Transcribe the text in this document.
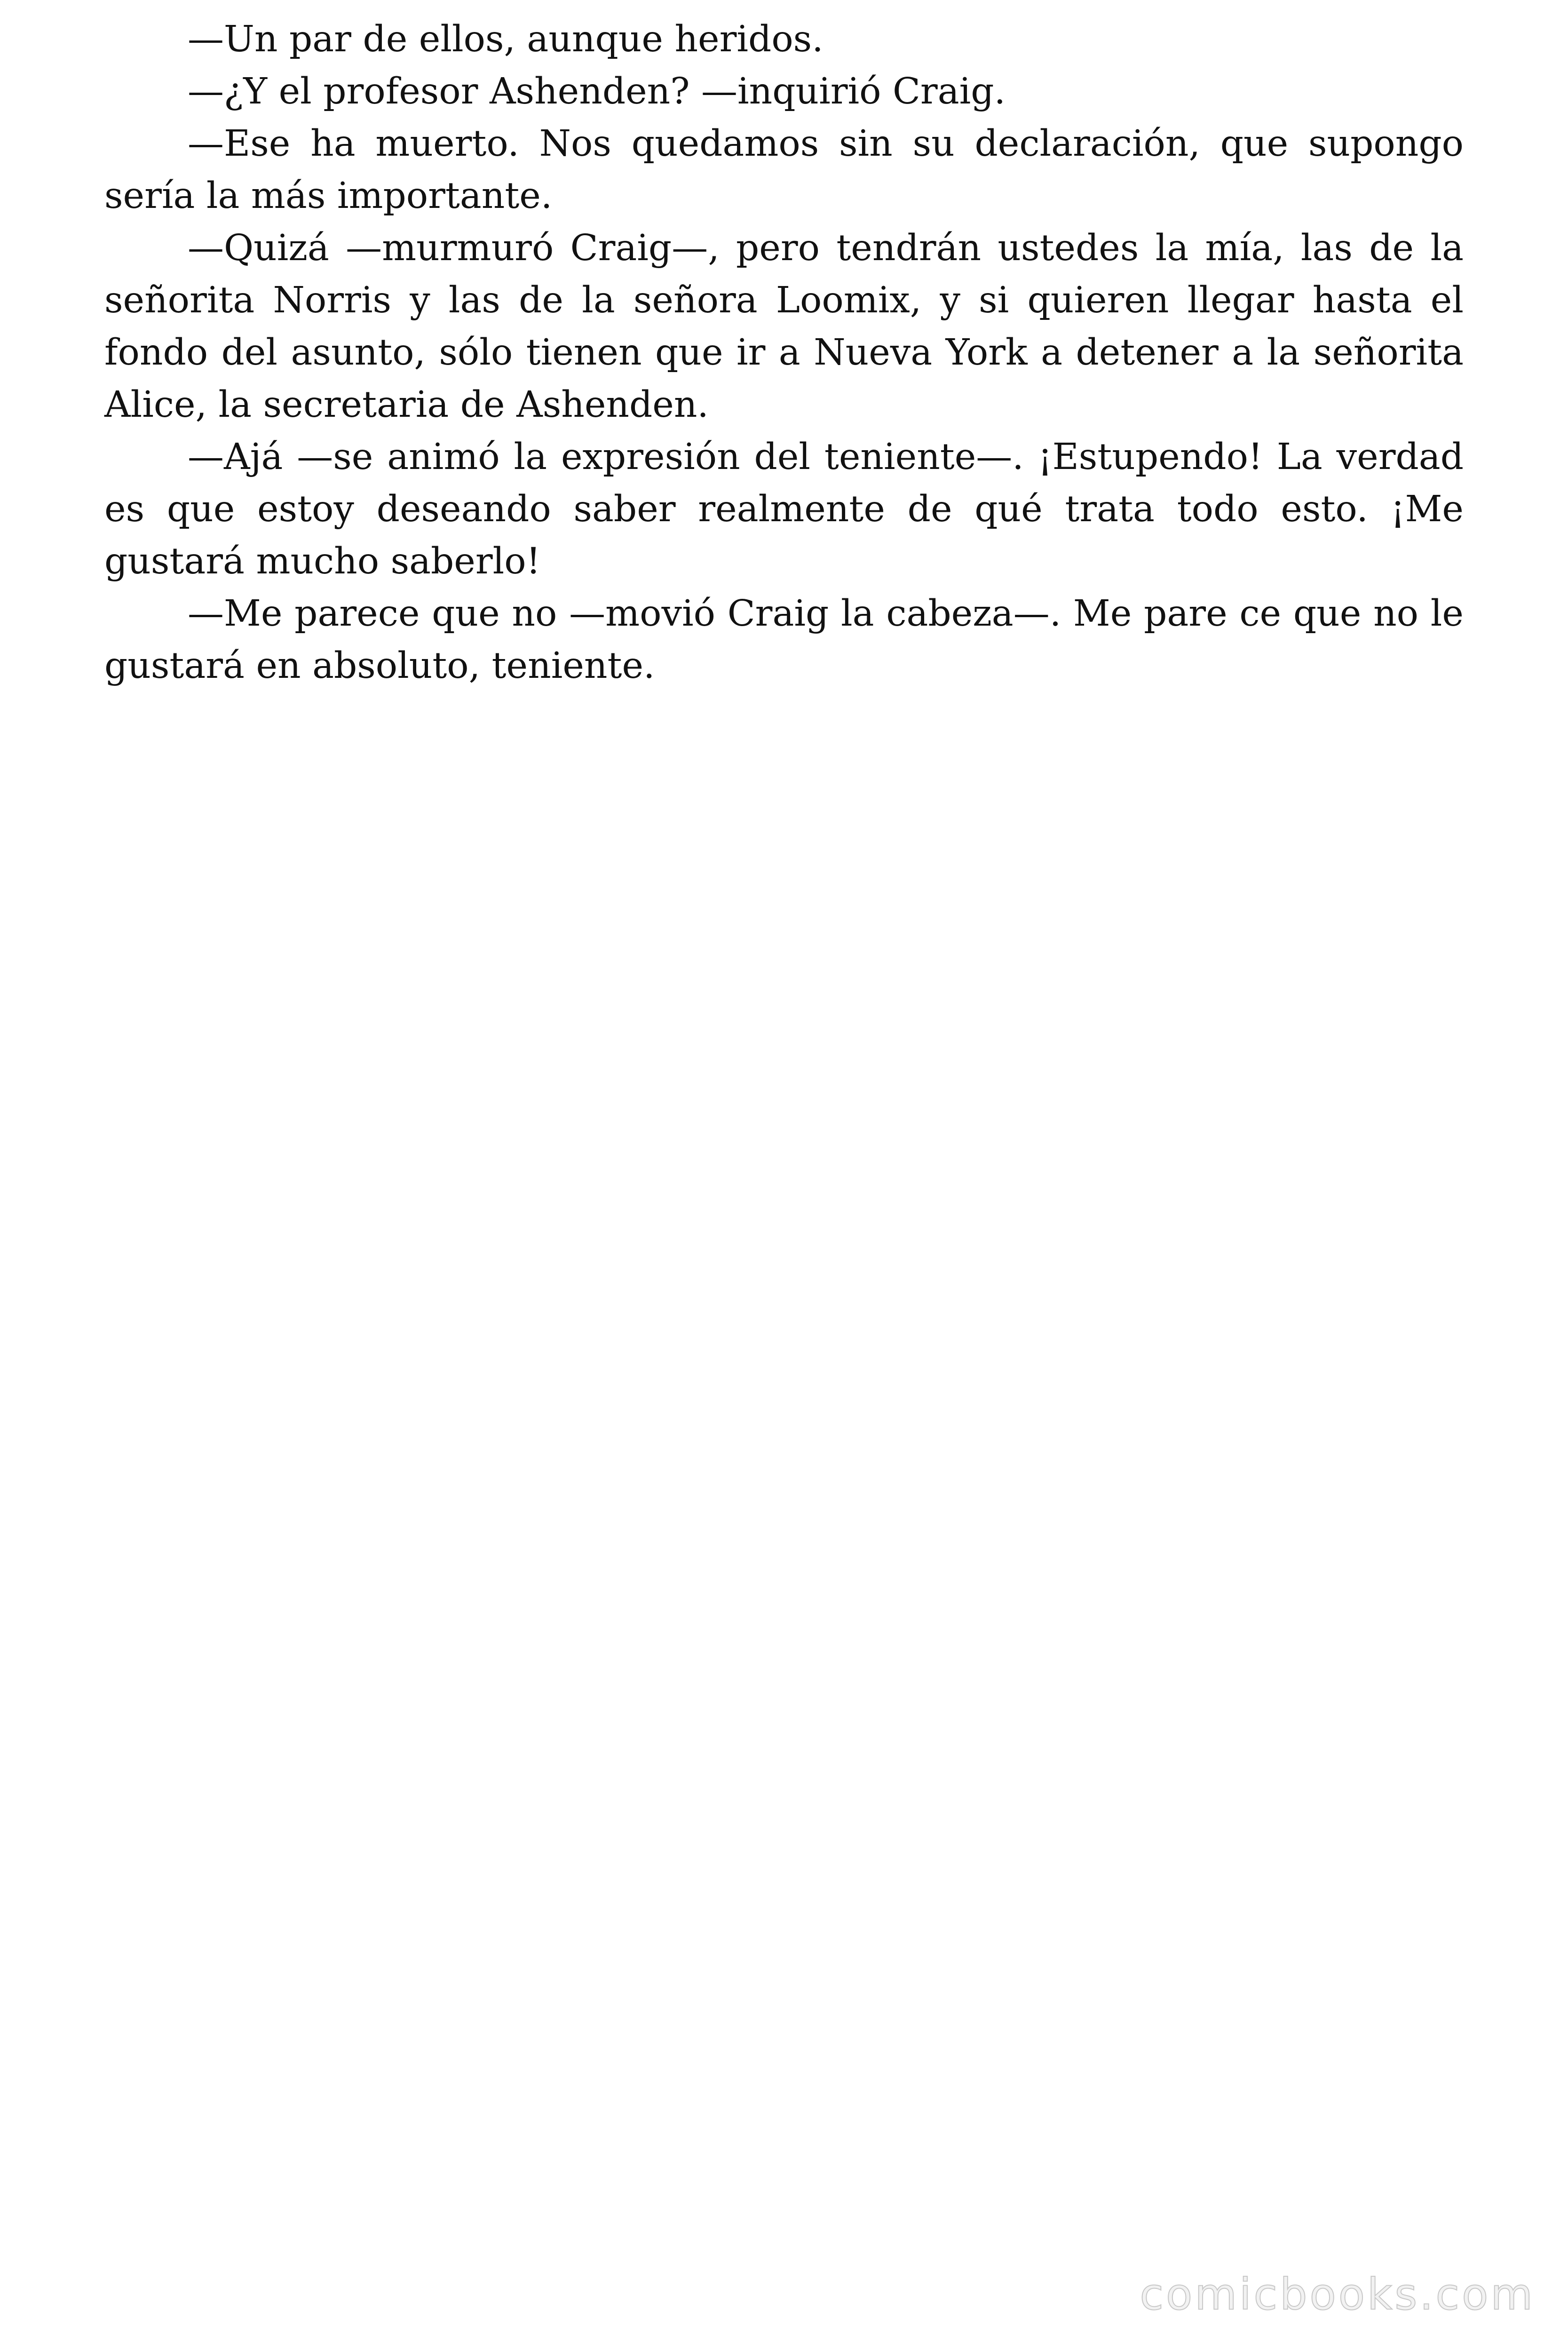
—Un par de ellos, aunque heridos.

—¿Y el profesor Ashenden? —inquirió Craig.

—Ese ha muerto. Nos quedamos sin su declaración, que supongo sería la más importante.

—Quizá —murmuró Craig—, pero tendrán ustedes la mía, las de la señorita Norris y las de la señora Loomix, y si quieren llegar hasta el fondo del asunto, sólo tienen que ir a Nueva York a detener a la señorita Alice, la secretaria de Ashenden.

—Ajá —se animó la expresión del teniente—. ¡Estupendo! La verdad es que estoy deseando saber realmente de qué trata todo esto. ¡Me gustará mucho saberlo!

—Me parece que no —movió Craig la cabeza—. Me pare ce que no le gustará en absoluto, teniente.

comicbooks.com
